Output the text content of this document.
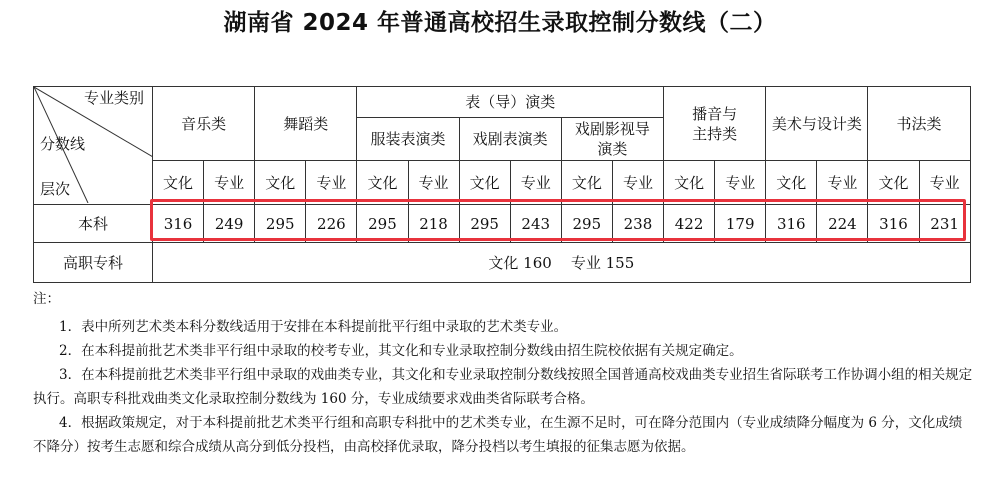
湖南省 2024 年普通高校招生录取控制分数线（二）
专业类别
分数线
层次	音乐类		舞蹈类		表（导）演类						播音与主持类		美术与设计类		书法类	
					服装表演类		戏剧表演类		戏剧影视导演类							
	文化	专业	文化	专业	文化	专业	文化	专业	文化	专业	文化	专业	文化	专业	文化	专业
本科	316	249	295	226	295	218	295	243	295	238	422	179	316	224	316	231
高职专科	文化 160    专业 155															
注：

1．表中所列艺术类本科分数线适用于安排在本科提前批平行组中录取的艺术类专业。

2．在本科提前批艺术类非平行组中录取的校考专业，其文化和专业录取控制分数线由招生院校依据有关规定确定。

3．在本科提前批艺术类非平行组中录取的戏曲类专业，其文化和专业录取控制分数线按照全国普通高校戏曲类专业招生省际联考工作协调小组的相关规定执行。高职专科批戏曲类文化录取控制分数线为 160 分，专业成绩要求戏曲类省际联考合格。

4．根据政策规定，对于本科提前批艺术类平行组和高职专科批中的艺术类专业，在生源不足时，可在降分范围内（专业成绩降分幅度为 6 分，文化成绩不降分）按考生志愿和综合成绩从高分到低分投档，由高校择优录取，降分投档以考生填报的征集志愿为依据。
